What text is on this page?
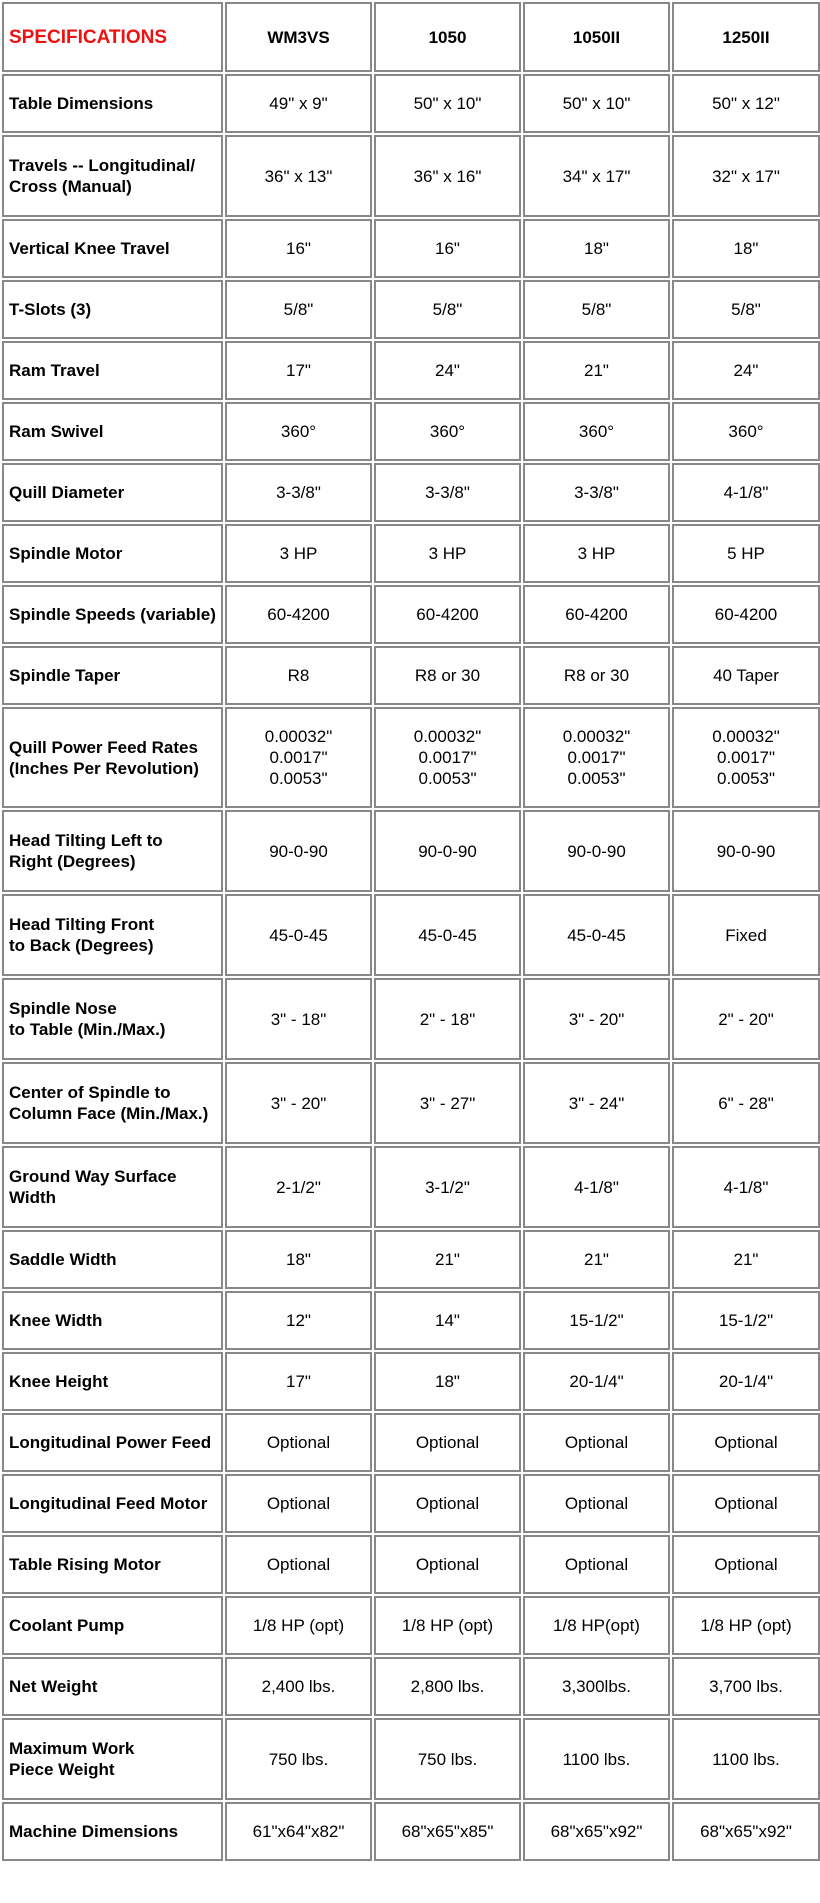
SPECIFICATIONS	WM3VS	1050	1050II	1250II

Table Dimensions	49" x 9"	50" x 10"	50" x 10"	50" x 12"

Travels -- Longitudinal/
Cross (Manual)	36" x 13"	36" x 16"	34" x 17"	32" x 17"

Vertical Knee Travel	16"	16"	18"	18"

T-Slots (3)	5/8"	5/8"	5/8"	5/8"

Ram Travel	17"	24"	21"	24"

Ram Swivel	360°	360°	360°	360°

Quill Diameter	3-3/8"	3-3/8"	3-3/8"	4-1/8"

Spindle Motor	3 HP	3 HP	3 HP	5 HP

Spindle Speeds (variable)	60-4200	60-4200	60-4200	60-4200

Spindle Taper	R8	R8 or 30	R8 or 30	40 Taper

Quill Power Feed Rates
(Inches Per Revolution)	0.00032"
0.0017"
0.0053"	0.00032"
0.0017"
0.0053"	0.00032"
0.0017"
0.0053"	0.00032"
0.0017"
0.0053"

Head Tilting Left to
Right (Degrees)	90-0-90	90-0-90	90-0-90	90-0-90

Head Tilting Front
to Back (Degrees)	45-0-45	45-0-45	45-0-45	Fixed

Spindle Nose
to Table (Min./Max.)	3" - 18"	2" - 18"	3" - 20"	2" - 20"

Center of Spindle to
Column Face (Min./Max.)	3" - 20"	3" - 27"	3" - 24"	6" - 28"

Ground Way Surface
Width	2-1/2"	3-1/2"	4-1/8"	4-1/8"

Saddle Width	18"	21"	21"	21"

Knee Width	12"	14"	15-1/2"	15-1/2"

Knee Height	17"	18"	20-1/4"	20-1/4"

Longitudinal Power Feed	Optional	Optional	Optional	Optional

Longitudinal Feed Motor	Optional	Optional	Optional	Optional

Table Rising Motor	Optional	Optional	Optional	Optional

Coolant Pump	1/8 HP (opt)	1/8 HP (opt)	1/8 HP(opt)	1/8 HP (opt)

Net Weight	2,400 lbs.	2,800 lbs.	3,300lbs.	3,700 lbs.

Maximum Work
Piece Weight	750 lbs.	750 lbs.	1100 lbs.	1100 lbs.

Machine Dimensions	61"x64"x82"	68"x65"x85"	68"x65"x92"	68"x65"x92"
